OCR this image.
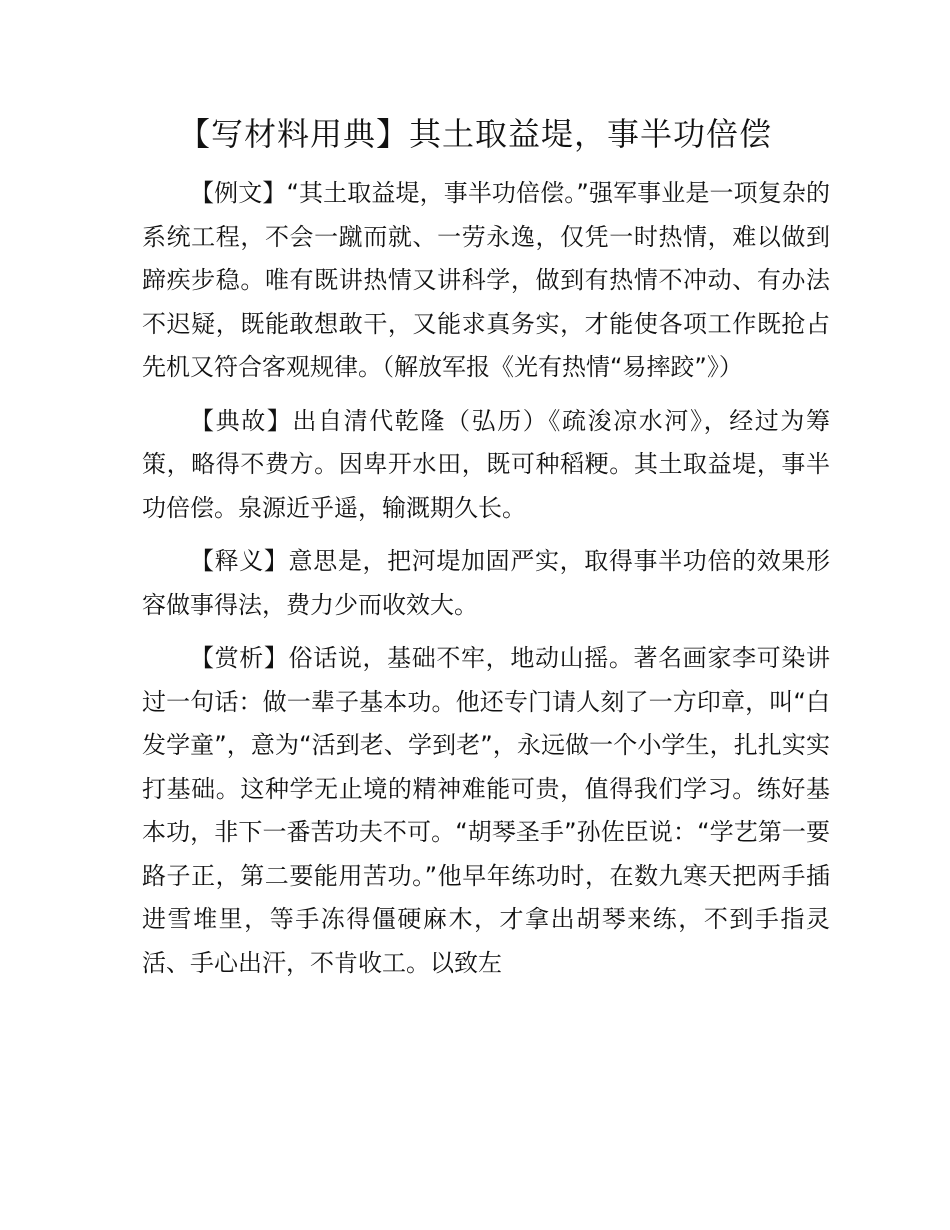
【写材料用典】其土取益堤，事半功倍偿

【例文】“其土取益堤，事半功倍偿。”强军事业是一项复杂的系统工程，不会一蹴而就、一劳永逸，仅凭一时热情，难以做到蹄疾步稳。唯有既讲热情又讲科学，做到有热情不冲动、有办法不迟疑，既能敢想敢干，又能求真务实，才能使各项工作既抢占先机又符合客观规律。（解放军报《光有热情“易摔跤”》）

【典故】出自清代乾隆（弘历）《疏浚凉水河》，经过为筹策，略得不费方。因卑开水田，既可种稻粳。其土取益堤，事半功倍偿。泉源近乎遥，输溉期久长。

【释义】意思是，把河堤加固严实，取得事半功倍的效果形容做事得法，费力少而收效大。

【赏析】俗话说，基础不牢，地动山摇。著名画家李可染讲过一句话：做一辈子基本功。他还专门请人刻了一方印章，叫“白发学童”，意为“活到老、学到老”，永远做一个小学生，扎扎实实打基础。这种学无止境的精神难能可贵，值得我们学习。练好基本功，非下一番苦功夫不可。“胡琴圣手”孙佐臣说：“学艺第一要路子正，第二要能用苦功。”他早年练功时，在数九寒天把两手插进雪堆里，等手冻得僵硬麻木，才拿出胡琴来练，不到手指灵活、手心出汗，不肯收工。以致左
